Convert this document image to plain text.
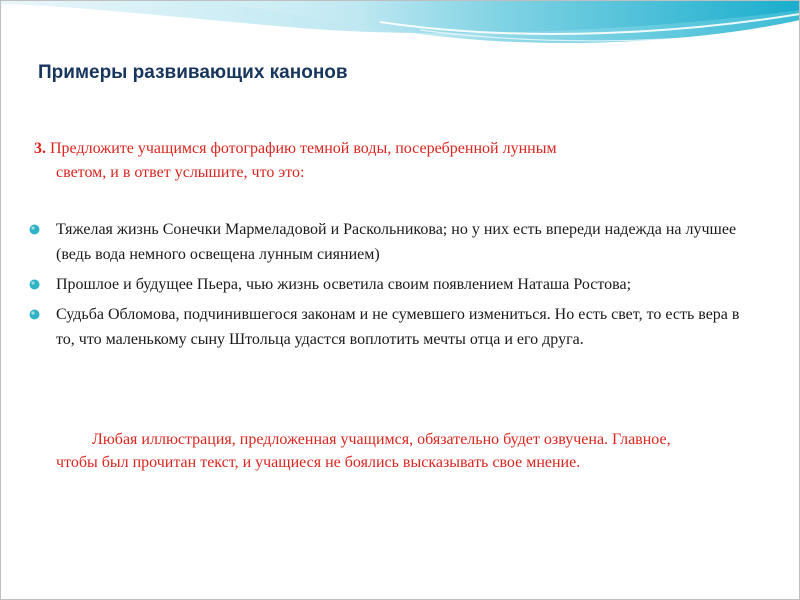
Примеры развивающих канонов

3. Предложите учащимся фотографию темной воды, посеребренной лунным
светом, и в ответ услышите, что это:

Тяжелая жизнь Сонечки Мармеладовой и Раскольникова; но у них есть впереди надежда на лучшее (ведь вода немного освещена лунным сиянием)
Прошлое и будущее Пьера, чью жизнь осветила своим появлением Наташа Ростова;
Судьба Обломова, подчинившегося законам и не сумевшего измениться. Но есть свет, то есть вера в то, что маленькому сыну Штольца удастся воплотить мечты отца и его друга.

Любая иллюстрация, предложенная учащимся, обязательно будет озвучена. Главное, чтобы был прочитан текст, и учащиеся не боялись высказывать свое мнение.
